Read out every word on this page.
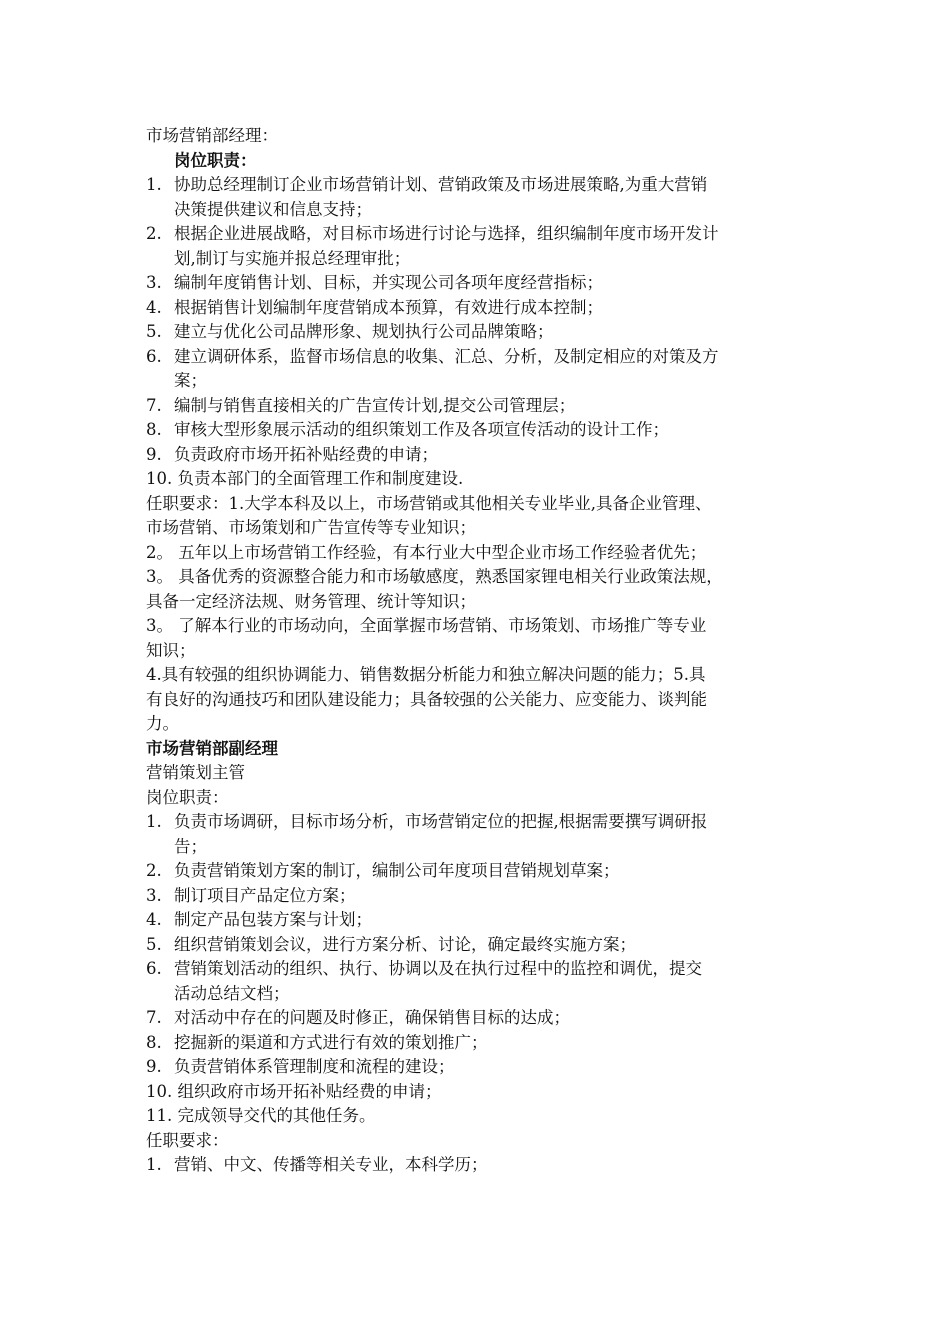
市场营销部经理：

岗位职责：

1. 协助总经理制订企业市场营销计划、营销政策及市场进展策略,为重大营销
决策提供建议和信息支持；
2. 根据企业进展战略，对目标市场进行讨论与选择，组织编制年度市场开发计
划,制订与实施并报总经理审批；
3. 编制年度销售计划、目标，并实现公司各项年度经营指标；
4. 根据销售计划编制年度营销成本预算，有效进行成本控制；
5. 建立与优化公司品牌形象、规划执行公司品牌策略；
6. 建立调研体系，监督市场信息的收集、汇总、分析，及制定相应的对策及方
案；
7. 编制与销售直接相关的广告宣传计划,提交公司管理层；
8. 审核大型形象展示活动的组织策划工作及各项宣传活动的设计工作；
9. 负责政府市场开拓补贴经费的申请；

10. 负责本部门的全面管理工作和制度建设.

任职要求：1.大学本科及以上，市场营销或其他相关专业毕业,具备企业管理、
市场营销、市场策划和广告宣传等专业知识；

2。 五年以上市场营销工作经验，有本行业大中型企业市场工作经验者优先；

3。 具备优秀的资源整合能力和市场敏感度，熟悉国家锂电相关行业政策法规，
具备一定经济法规、财务管理、统计等知识；

3。 了解本行业的市场动向，全面掌握市场营销、市场策划、市场推广等专业
知识；

4.具有较强的组织协调能力、销售数据分析能力和独立解决问题的能力；5.具
有良好的沟通技巧和团队建设能力；具备较强的公关能力、应变能力、谈判能
力。

市场营销部副经理

营销策划主管

岗位职责：

1. 负责市场调研，目标市场分析，市场营销定位的把握,根据需要撰写调研报
告；
2. 负责营销策划方案的制订，编制公司年度项目营销规划草案；
3. 制订项目产品定位方案；
4. 制定产品包装方案与计划；
5. 组织营销策划会议，进行方案分析、讨论，确定最终实施方案；
6. 营销策划活动的组织、执行、协调以及在执行过程中的监控和调优，提交
活动总结文档；
7. 对活动中存在的问题及时修正，确保销售目标的达成；
8. 挖掘新的渠道和方式进行有效的策划推广；
9. 负责营销体系管理制度和流程的建设；

10. 组织政府市场开拓补贴经费的申请；

11. 完成领导交代的其他任务。

任职要求：

1. 营销、中文、传播等相关专业，本科学历；
